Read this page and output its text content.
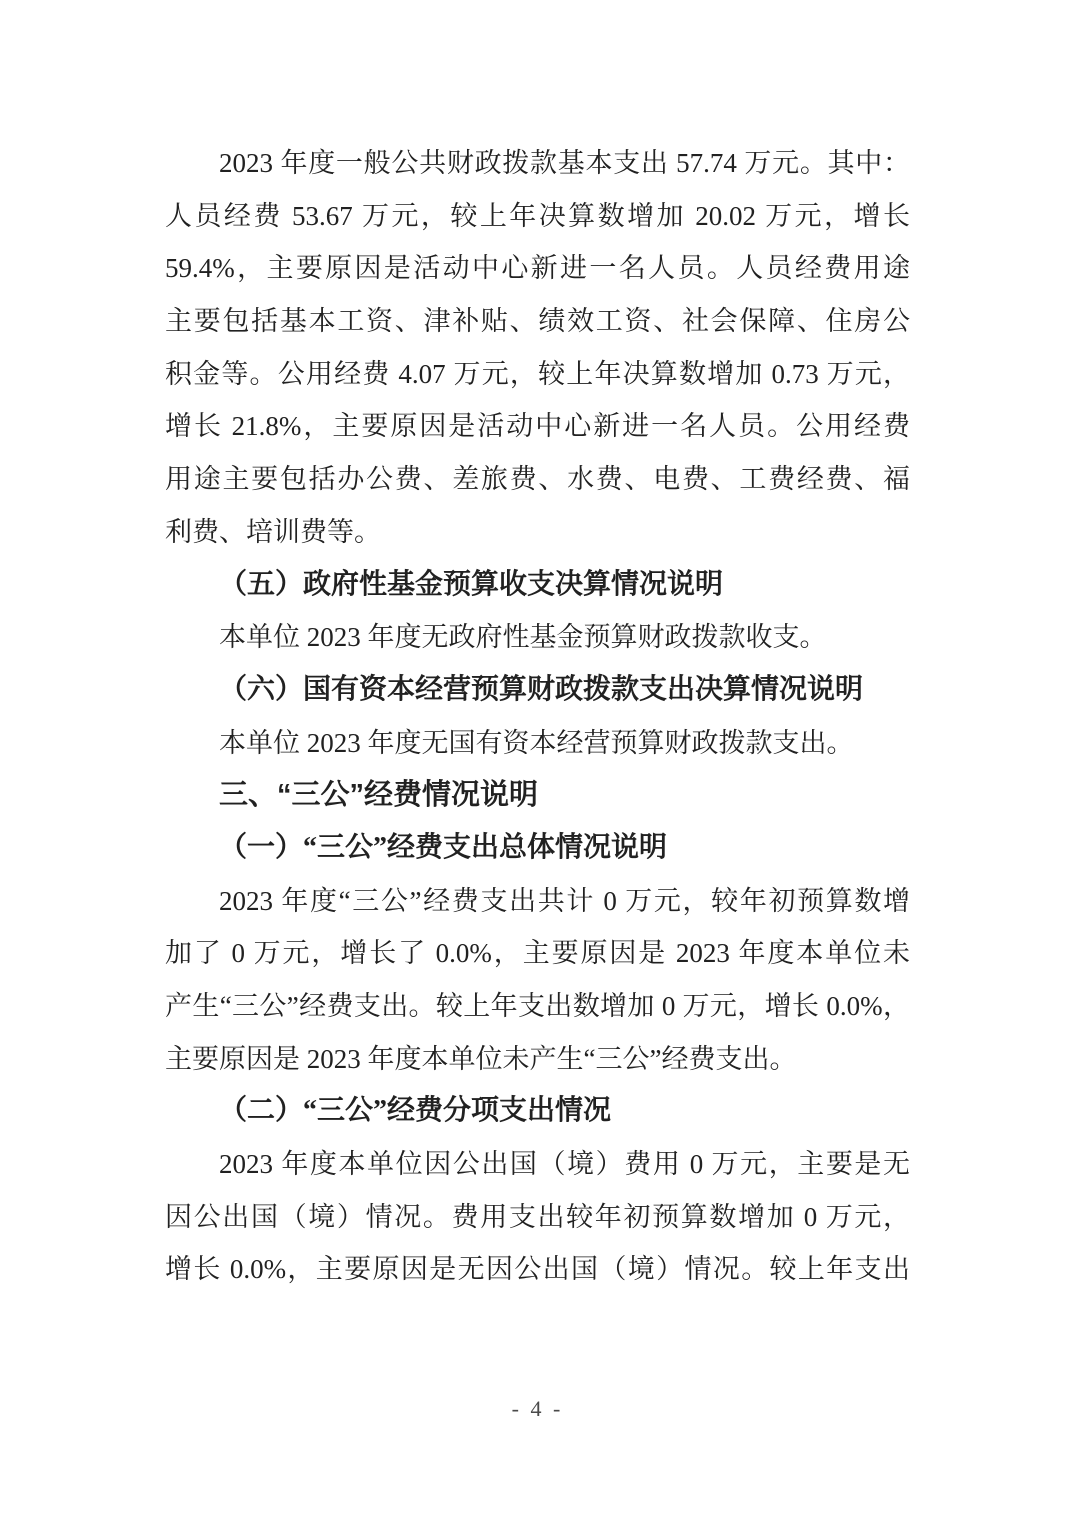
2023 年度一般公共财政拨款基本支出 57.74 万元。其中：
人员经费 53.67 万元，较上年决算数增加 20.02 万元，增长
59.4%，主要原因是活动中心新进一名人员。人员经费用途
主要包括基本工资、津补贴、绩效工资、社会保障、住房公
积金等。公用经费 4.07 万元，较上年决算数增加 0.73 万元，
增长 21.8%，主要原因是活动中心新进一名人员。公用经费
用途主要包括办公费、差旅费、水费、电费、工费经费、福
利费、培训费等。
（五）政府性基金预算收支决算情况说明
本单位 2023 年度无政府性基金预算财政拨款收支。
（六）国有资本经营预算财政拨款支出决算情况说明
本单位 2023 年度无国有资本经营预算财政拨款支出。
三、“三公”经费情况说明
（一）“三公”经费支出总体情况说明
2023 年度“三公”经费支出共计 0 万元，较年初预算数增
加了 0 万元，增长了 0.0%，主要原因是 2023 年度本单位未
产生“三公”经费支出。较上年支出数增加 0 万元，增长 0.0%，
主要原因是 2023 年度本单位未产生“三公”经费支出。
（二）“三公”经费分项支出情况
2023 年度本单位因公出国（境）费用 0 万元，主要是无
因公出国（境）情况。费用支出较年初预算数增加 0 万元，
增长 0.0%，主要原因是无因公出国（境）情况。较上年支出
- 4 -
